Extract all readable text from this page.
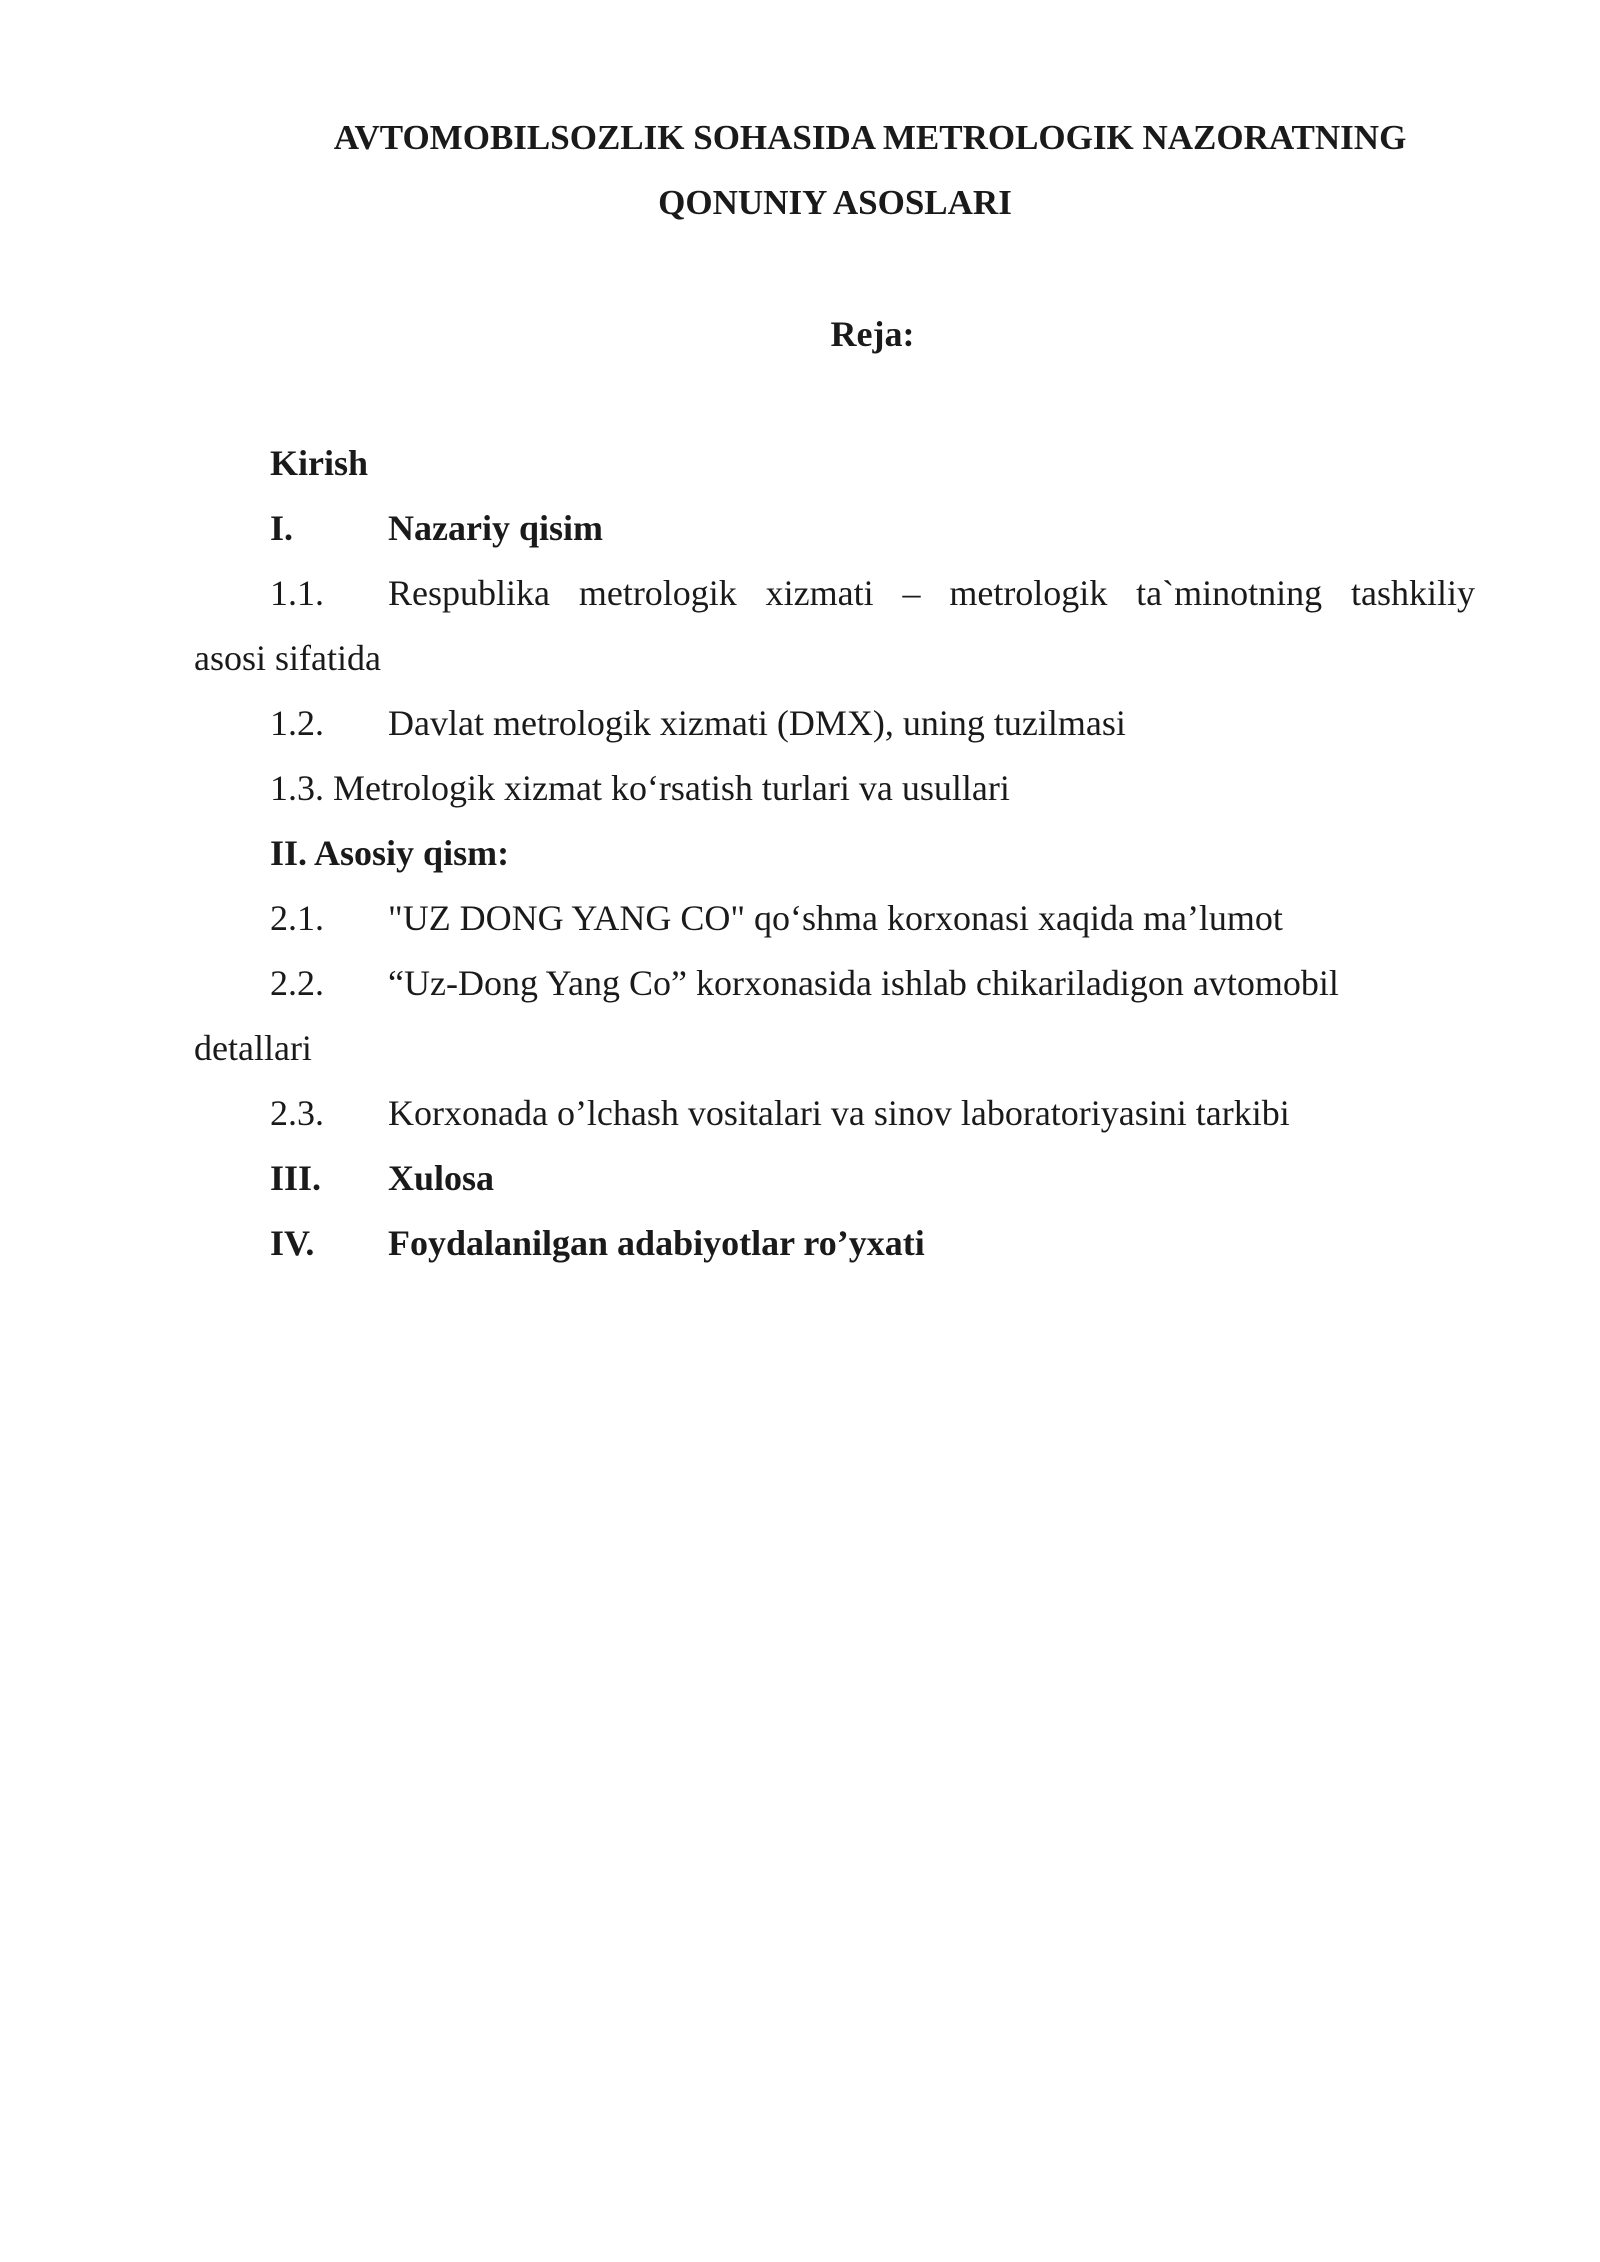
AVTOMOBILSOZLIK SOHASIDA METROLOGIK NAZORATNING
QONUNIY ASOSLARI
Reja:
Kirish
I.	Nazariy qisim
1.1. Respublika metrologik xizmati – metrologik ta`minotning tashkiliy
asosi sifatida
1.2. Davlat metrologik xizmati (DMX), uning tuzilmasi
1.3. Metrologik xizmat ko‘rsatish turlari va usullari
II. Asosiy qism:
2.1. "UZ DONG YANG CO" qo‘shma korxonasi xaqida ma’lumot
2.2. “Uz-Dong Yang Co” korxonasida ishlab chikariladigon avtomobil
detallari
2.3. Korxonada o’lchash vositalari va sinov laboratoriyasini tarkibi
III. Xulosa
IV. Foydalanilgan adabiyotlar ro’yxati
